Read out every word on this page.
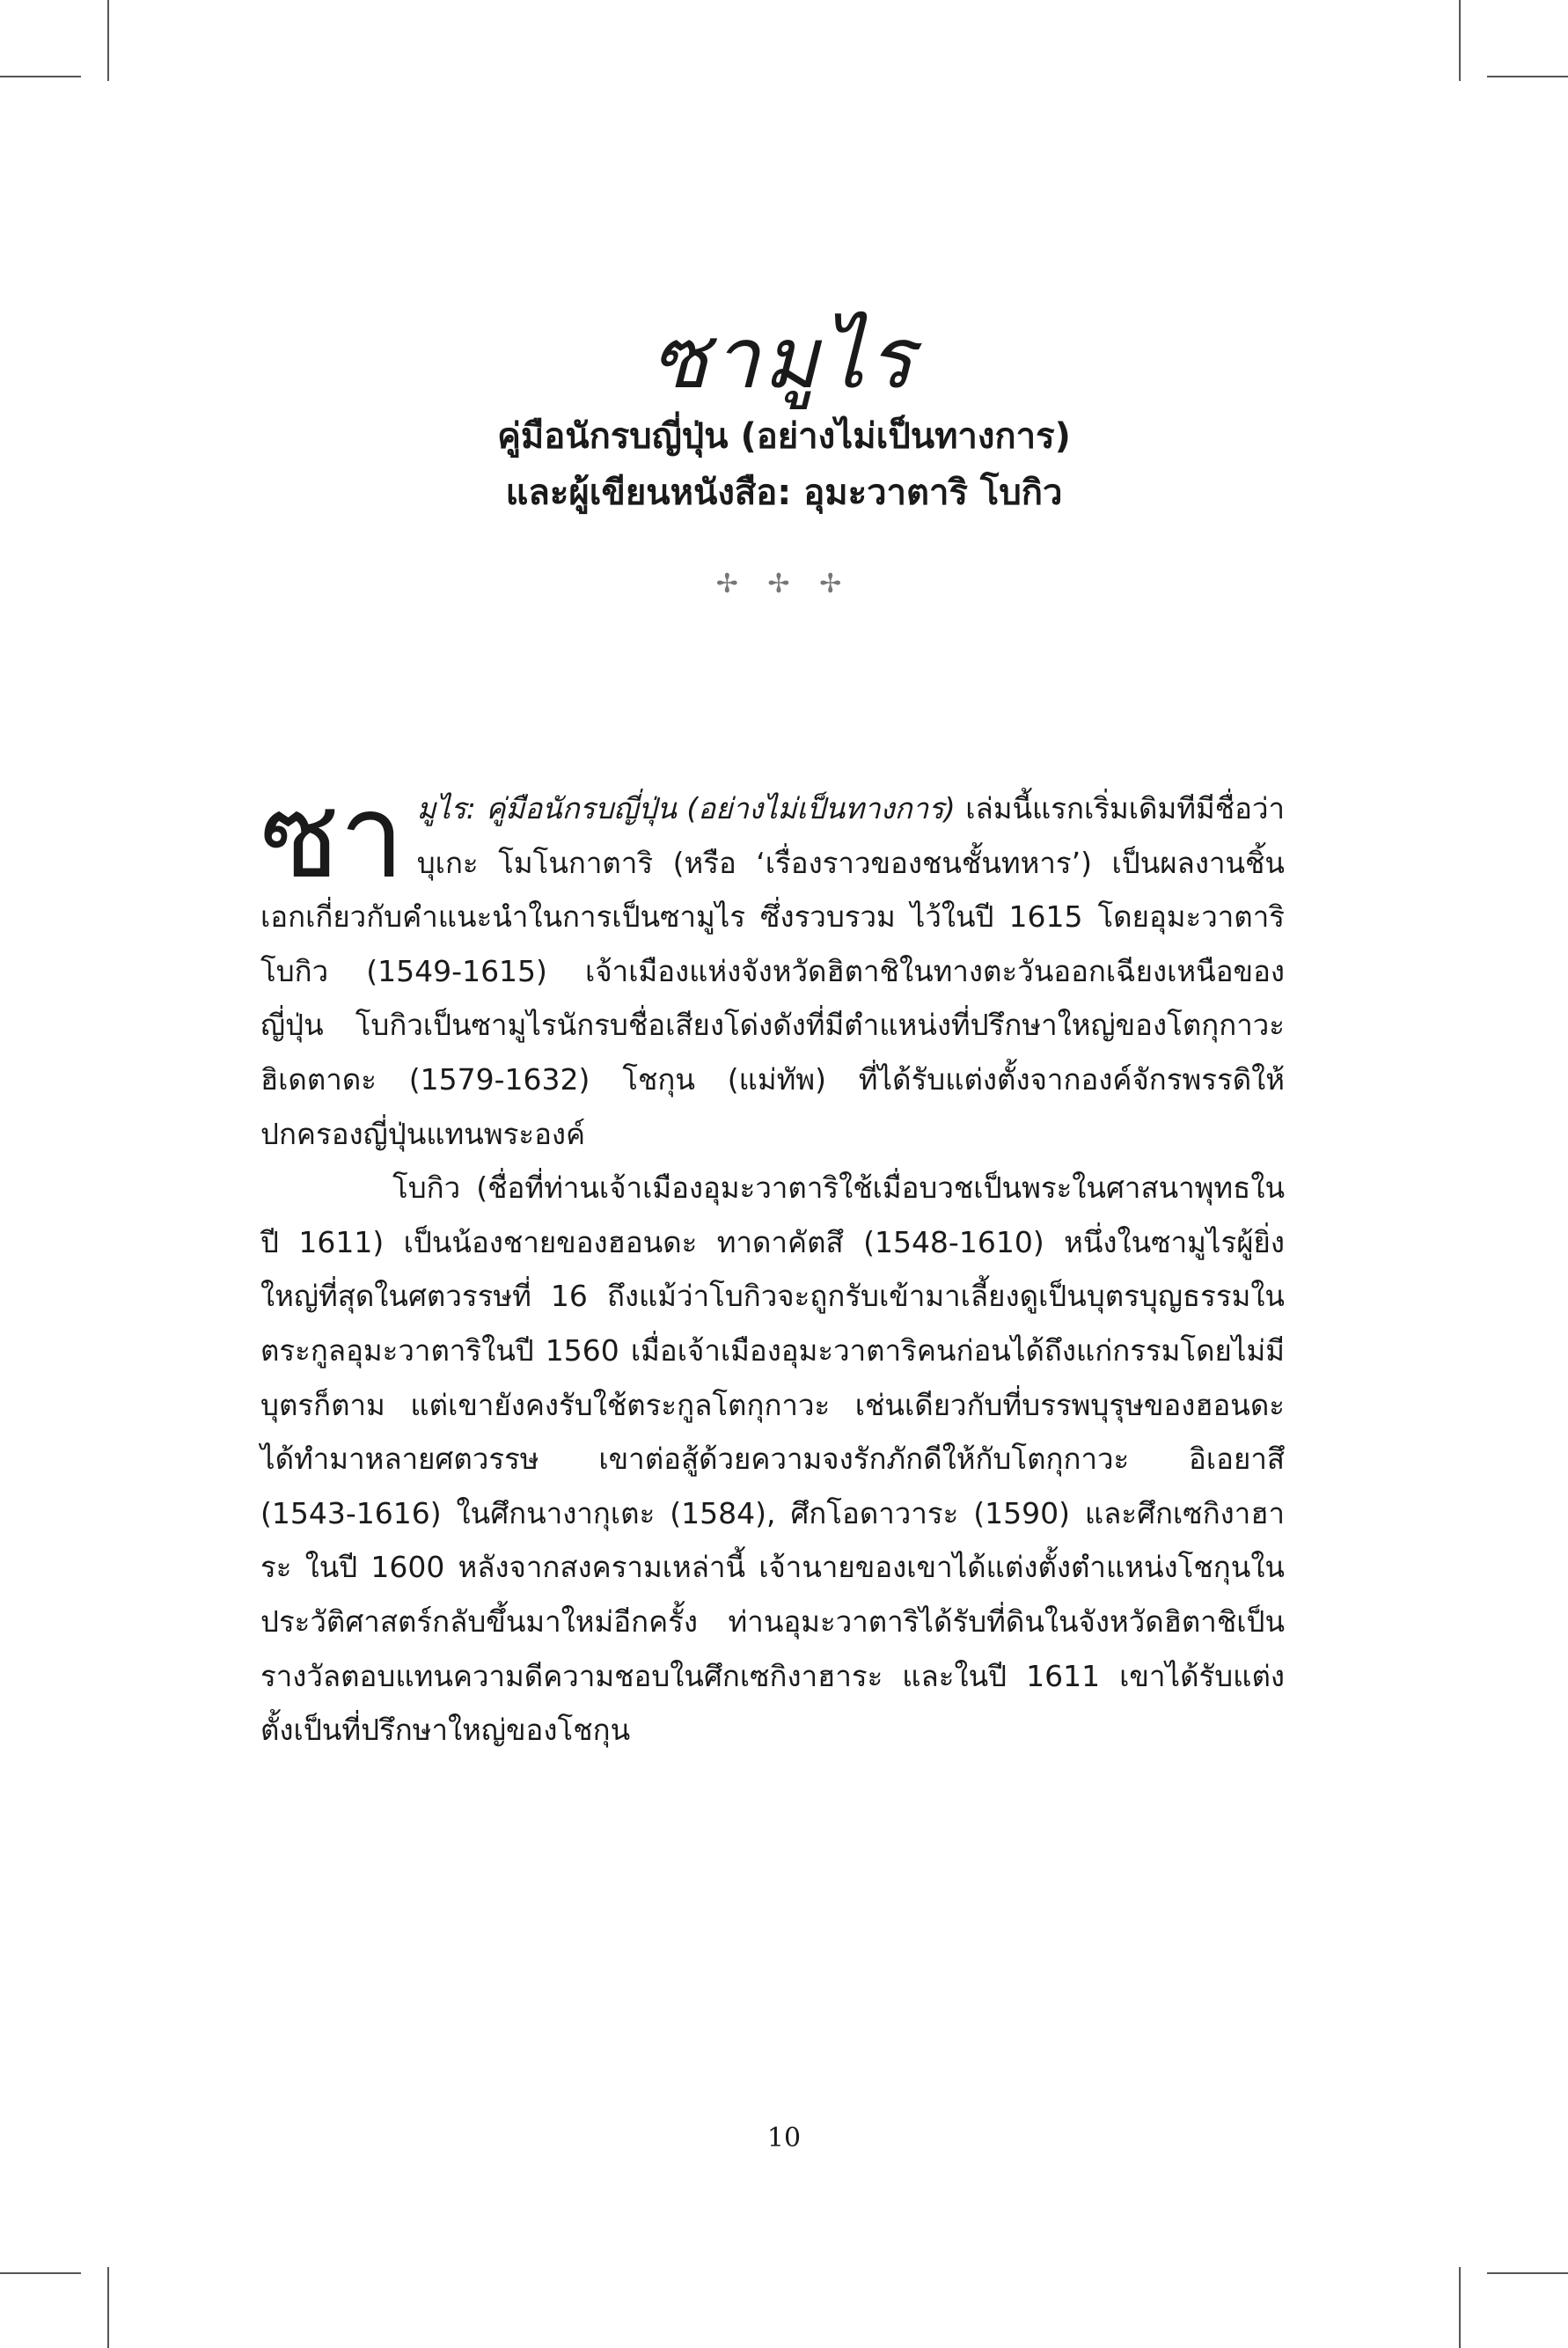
ซามูไร
คู่มือนักรบญี่ปุ่น (อย่างไม่เป็นทางการ)
และผู้เขียนหนังสือ: อุมะวาตาริ โบกิว
✢ ✢ ✢

ซา มูไร: คู่มือนักรบญี่ปุ่น (อย่างไม่เป็นทางการ) เล่มนี้แรกเริ่มเดิมทีมีชื่อว่า บุเกะ โมโนกาตาริ (หรือ ‘เรื่องราวของชนชั้นทหาร’) เป็นผลงานชิ้นเอกเกี่ยวกับคำแนะนำในการเป็นซามูไร ซึ่งรวบรวม ไว้ในปี 1615 โดยอุมะวาตาริ โบกิว (1549-1615) เจ้าเมืองแห่งจังหวัดฮิตาชิในทางตะวันออกเฉียงเหนือของญี่ปุ่น โบกิวเป็นซามูไรนักรบชื่อเสียงโด่งดังที่มีตำแหน่งที่ปรึกษาใหญ่ของโตกุกาวะ ฮิเดตาดะ (1579-1632) โชกุน (แม่ทัพ) ที่ได้รับแต่งตั้งจากองค์จักรพรรดิให้ปกครองญี่ปุ่นแทนพระองค์

โบกิว (ชื่อที่ท่านเจ้าเมืองอุมะวาตาริใช้เมื่อบวชเป็นพระในศาสนาพุทธในปี 1611) เป็นน้องชายของฮอนดะ ทาดาคัตสึ (1548-1610) หนึ่งในซามูไรผู้ยิ่งใหญ่ที่สุดในศตวรรษที่ 16 ถึงแม้ว่าโบกิวจะถูกรับเข้ามาเลี้ยงดูเป็นบุตรบุญธรรมในตระกูลอุมะวาตาริในปี 1560 เมื่อเจ้าเมืองอุมะวาตาริคนก่อนได้ถึงแก่กรรมโดยไม่มีบุตรก็ตาม แต่เขายังคงรับใช้ตระกูลโตกุกาวะ เช่นเดียวกับที่บรรพบุรุษของฮอนดะได้ทำมาหลายศตวรรษ เขาต่อสู้ด้วยความจงรักภักดีให้กับโตกุกาวะ อิเอยาสึ (1543-1616) ในศึกนางากุเตะ (1584), ศึกโอดาวาระ (1590) และศึกเซกิงาฮาระ ในปี 1600 หลังจากสงครามเหล่านี้ เจ้านายของเขาได้แต่งตั้งตำแหน่งโชกุนในประวัติศาสตร์กลับขึ้นมาใหม่อีกครั้ง ท่านอุมะวาตาริได้รับที่ดินในจังหวัดฮิตาชิเป็นรางวัลตอบแทนความดีความชอบในศึกเซกิงาฮาระ และในปี 1611 เขาได้รับแต่งตั้งเป็นที่ปรึกษาใหญ่ของโชกุน

10
